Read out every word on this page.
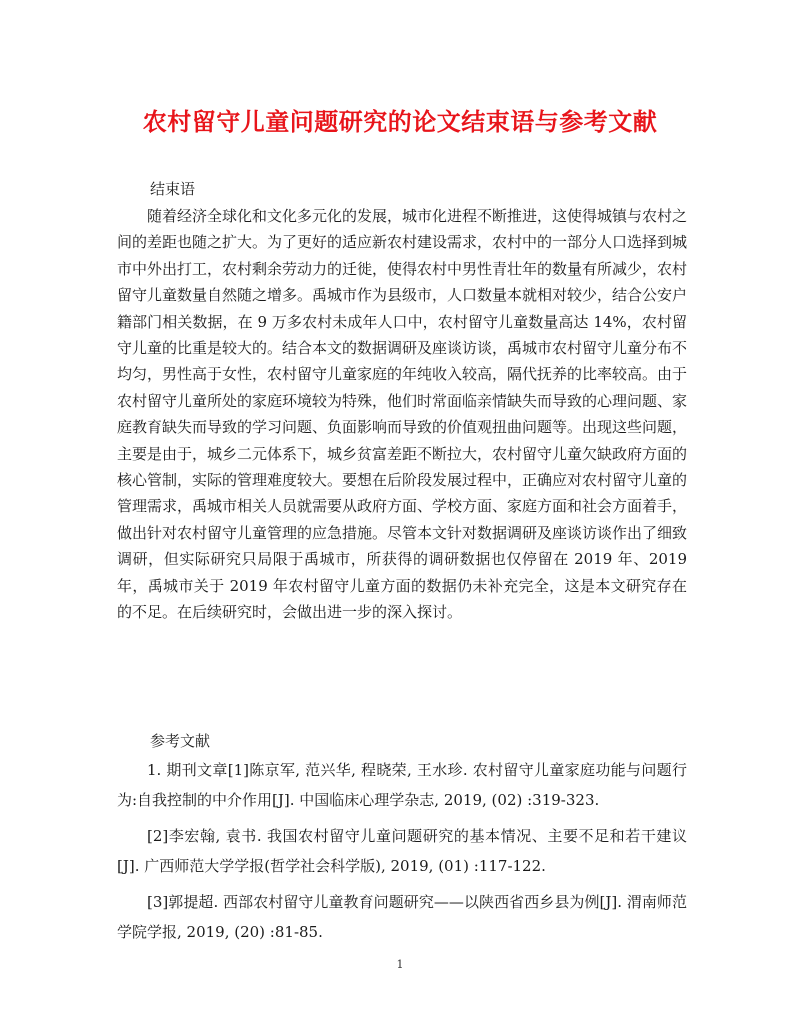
农村留守儿童问题研究的论文结束语与参考文献
结束语

随着经济全球化和文化多元化的发展，城市化进程不断推进，这使得城镇与农村之间的差距也随之扩大。为了更好的适应新农村建设需求，农村中的一部分人口选择到城市中外出打工，农村剩余劳动力的迁徙，使得农村中男性青壮年的数量有所减少，农村留守儿童数量自然随之增多。禹城市作为县级市，人口数量本就相对较少，结合公安户籍部门相关数据，在 9 万多农村未成年人口中，农村留守儿童数量高达 14%，农村留守儿童的比重是较大的。结合本文的数据调研及座谈访谈，禹城市农村留守儿童分布不均匀，男性高于女性，农村留守儿童家庭的年纯收入较高，隔代抚养的比率较高。由于农村留守儿童所处的家庭环境较为特殊，他们时常面临亲情缺失而导致的心理问题、家庭教育缺失而导致的学习问题、负面影响而导致的价值观扭曲问题等。出现这些问题，主要是由于，城乡二元体系下，城乡贫富差距不断拉大，农村留守儿童欠缺政府方面的核心管制，实际的管理难度较大。要想在后阶段发展过程中，正确应对农村留守儿童的管理需求，禹城市相关人员就需要从政府方面、学校方面、家庭方面和社会方面着手，做出针对农村留守儿童管理的应急措施。尽管本文针对数据调研及座谈访谈作出了细致调研，但实际研究只局限于禹城市，所获得的调研数据也仅停留在 2019 年、2019 年，禹城市关于 2019 年农村留守儿童方面的数据仍未补充完全，这是本文研究存在的不足。在后续研究时，会做出进一步的深入探讨。

参考文献

1. 期刊文章[1]陈京军, 范兴华, 程晓荣, 王水珍. 农村留守儿童家庭功能与问题行为:自我控制的中介作用[J]. 中国临床心理学杂志, 2019, (02) :319-323.

[2]李宏翰, 袁书. 我国农村留守儿童问题研究的基本情况、主要不足和若干建议[J]. 广西师范大学学报(哲学社会科学版), 2019, (01) :117-122.

[3]郭提超. 西部农村留守儿童教育问题研究——以陕西省西乡县为例[J]. 渭南师范学院学报, 2019, (20) :81-85.

1
